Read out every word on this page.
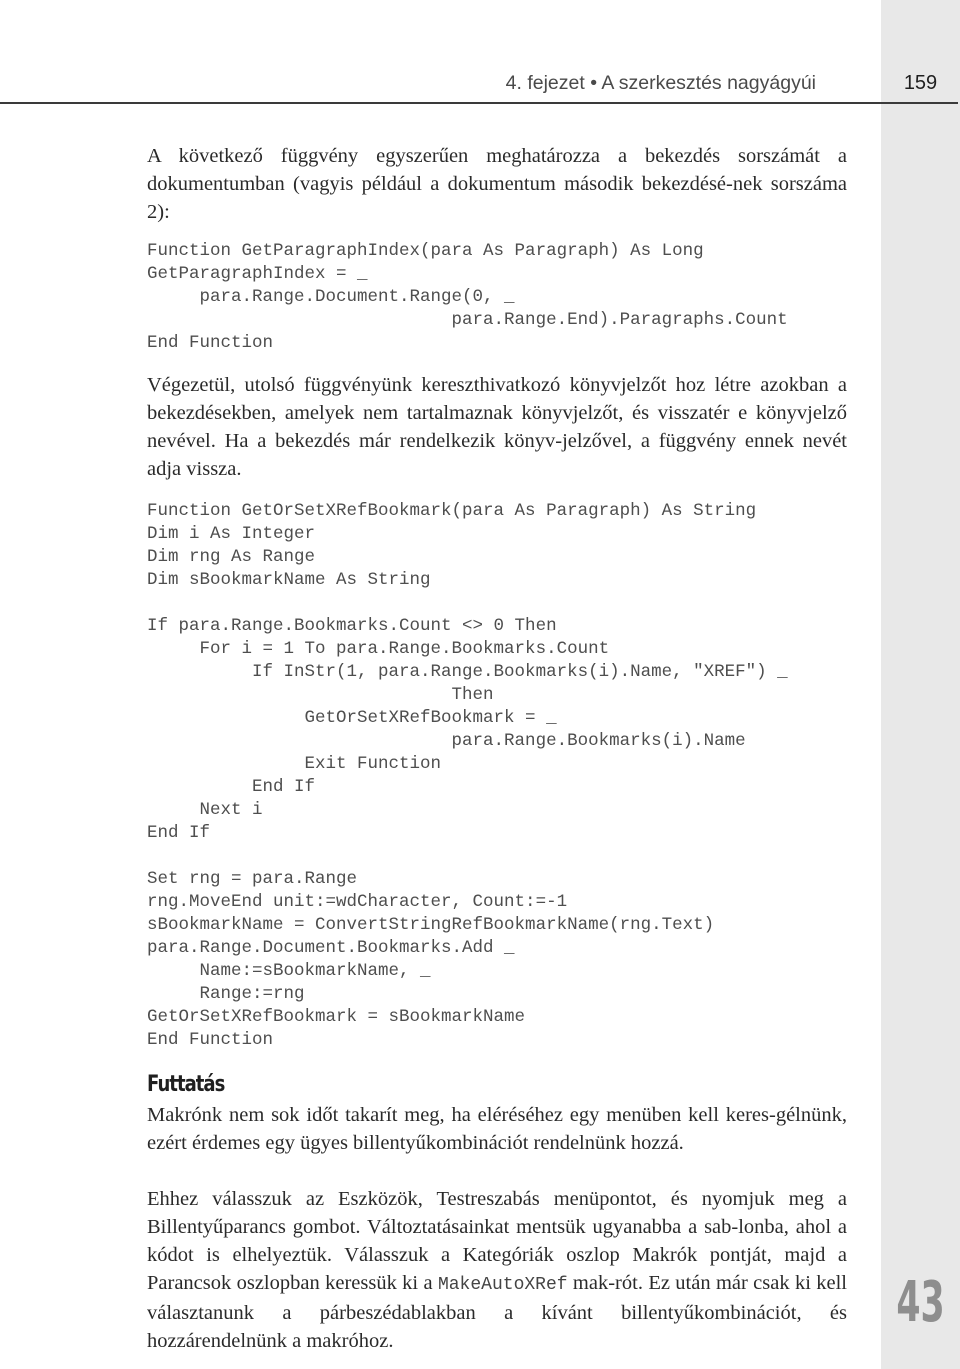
4. fejezet • A szerkesztés nagyágyúi	159

A következő függvény egyszerűen meghatározza a bekezdés sorszámát a dokumentumban (vagyis például a dokumentum második bekezdésé-nek sorszáma 2):

Function GetParagraphIndex(para As Paragraph) As Long
GetParagraphIndex = _
para.Range.Document.Range(0, _
para.Range.End).Paragraphs.Count
End Function

Végezetül, utolsó függvényünk kereszthivatkozó könyvjelzőt hoz létre azokban a bekezdésekben, amelyek nem tartalmaznak könyvjelzőt, és visszatér e könyvjelző nevével. Ha a bekezdés már rendelkezik könyv-jelzővel, a függvény ennek nevét adja vissza.

Function GetOrSetXRefBookmark(para As Paragraph) As String
Dim i As Integer
Dim rng As Range
Dim sBookmarkName As String

If para.Range.Bookmarks.Count <> 0 Then
For i = 1 To para.Range.Bookmarks.Count
If InStr(1, para.Range.Bookmarks(i).Name, "XREF") _
Then
GetOrSetXRefBookmark = _
para.Range.Bookmarks(i).Name
Exit Function
End If
Next i
End If

Set rng = para.Range
rng.MoveEnd unit:=wdCharacter, Count:=-1
sBookmarkName = ConvertStringRefBookmarkName(rng.Text)
para.Range.Document.Bookmarks.Add _
Name:=sBookmarkName, _
Range:=rng
GetOrSetXRefBookmark = sBookmarkName
End Function
Futtatás

Makrónk nem sok időt takarít meg, ha eléréséhez egy menüben kell keres-gélnünk, ezért érdemes egy ügyes billentyűkombinációt rendelnünk hozzá.

Ehhez válasszuk az Eszközök, Testreszabás menüpontot, és nyomjuk meg a Billentyűparancs gombot. Változtatásainkat mentsük ugyanabba a sab-lonba, ahol a kódot is elhelyeztük. Válasszuk a Kategóriák oszlop Makrók pontját, majd a Parancsok oszlopban keressük ki a MakeAutoXRef mak-rót. Ez után már csak ki kell választanunk a párbeszédablakban a kívánt billentyűkombinációt, és hozzárendelnünk a makróhoz.

43
